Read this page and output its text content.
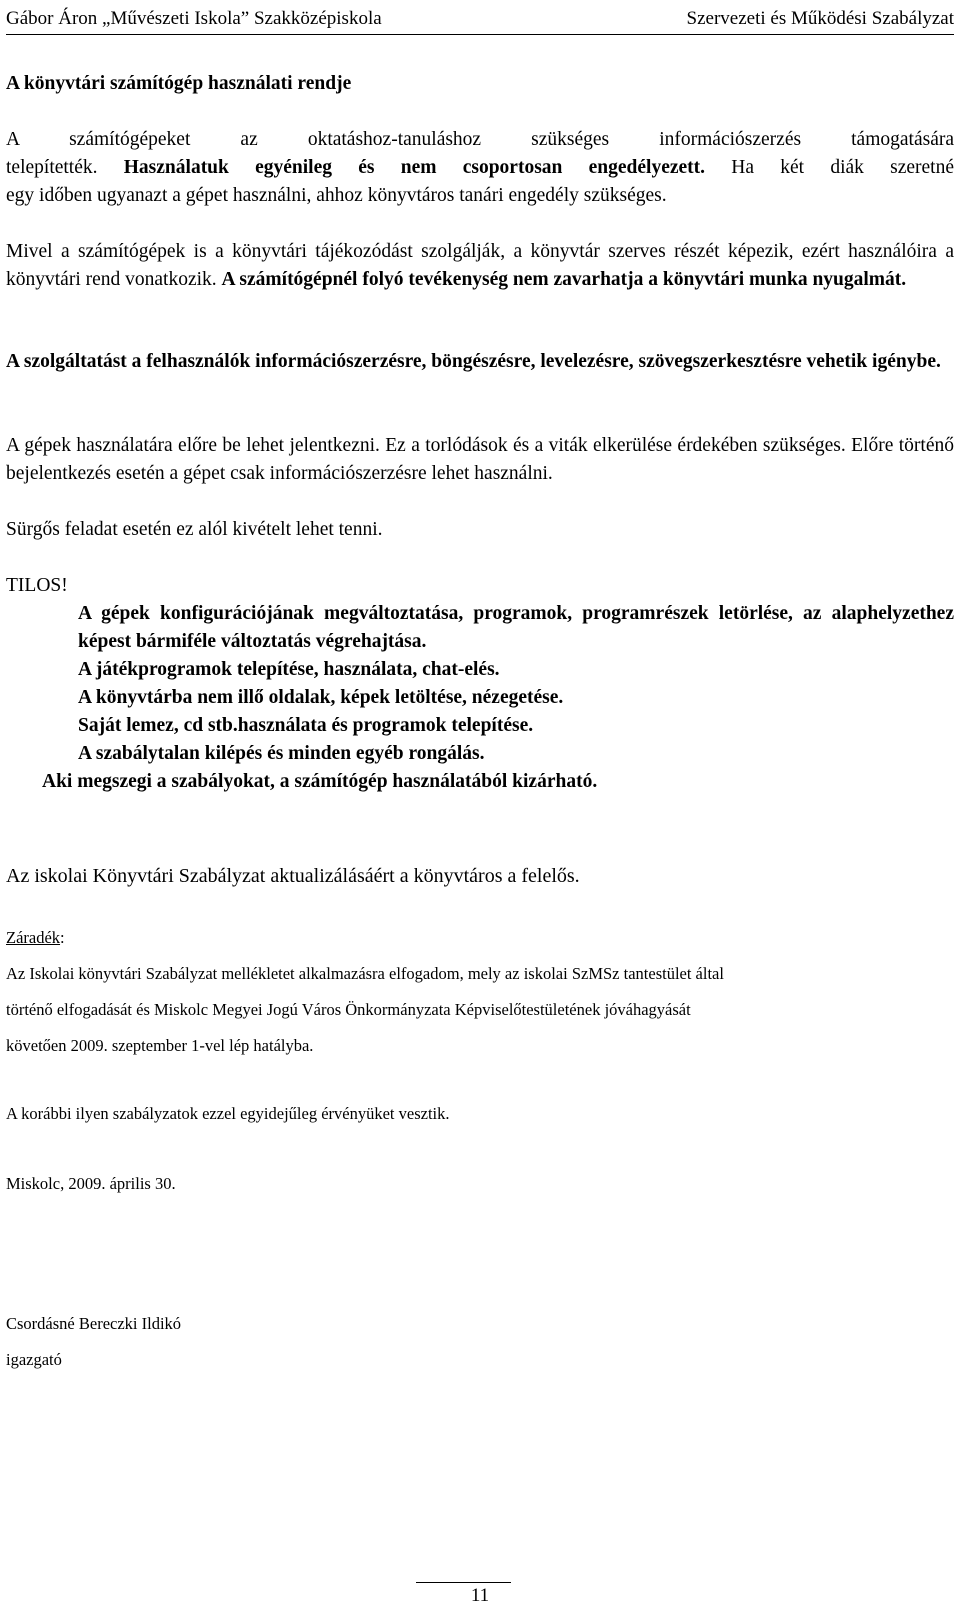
Gábor Áron „Művészeti Iskola” Szakközépiskola	Szervezeti és Működési Szabályzat
A könyvtári számítógép használati rendje
A számítógépeket az oktatáshoz-tanuláshoz szükséges információszerzés támogatására
telepítették. Használatuk egyénileg és nem csoportosan engedélyezett. Ha két diák szeretné
egy időben ugyanazt a gépet használni, ahhoz könyvtáros tanári engedély szükséges.
Mivel a számítógépek is a könyvtári tájékozódást szolgálják, a könyvtár szerves részét képezik, ezért használóira a könyvtári rend vonatkozik. A számítógépnél folyó tevékenység nem zavarhatja a könyvtári munka nyugalmát.
A szolgáltatást a felhasználók információszerzésre, böngészésre, levelezésre, szövegszerkesztésre vehetik igénybe.
A gépek használatára előre be lehet jelentkezni. Ez a torlódások és a viták elkerülése érdekében szükséges. Előre történő bejelentkezés esetén a gépet csak információszerzésre lehet használni.
Sürgős feladat esetén ez alól kivételt lehet tenni.
TILOS!
A gépek konfigurációjának megváltoztatása, programok, programrészek letörlése, az alaphelyzethez képest bármiféle változtatás végrehajtása.
A játékprogramok telepítése, használata, chat-elés.
A könyvtárba nem illő oldalak, képek letöltése, nézegetése.
Saját lemez, cd stb.használata és programok telepítése.
A szabálytalan kilépés és minden egyéb rongálás.
Aki megszegi a szabályokat, a számítógép használatából kizárható.
Az iskolai Könyvtári Szabályzat aktualizálásáért a könyvtáros a felelős.
Záradék:
Az Iskolai könyvtári Szabályzat mellékletet alkalmazásra elfogadom, mely az iskolai SzMSz tantestület által
történő elfogadását és Miskolc Megyei Jogú Város Önkormányzata Képviselőtestületének jóváhagyását
követően 2009. szeptember 1-vel lép hatályba.
A korábbi ilyen szabályzatok ezzel egyidejűleg érvényüket vesztik.
Miskolc, 2009. április 30.
Csordásné Bereczki Ildikó
igazgató
11
